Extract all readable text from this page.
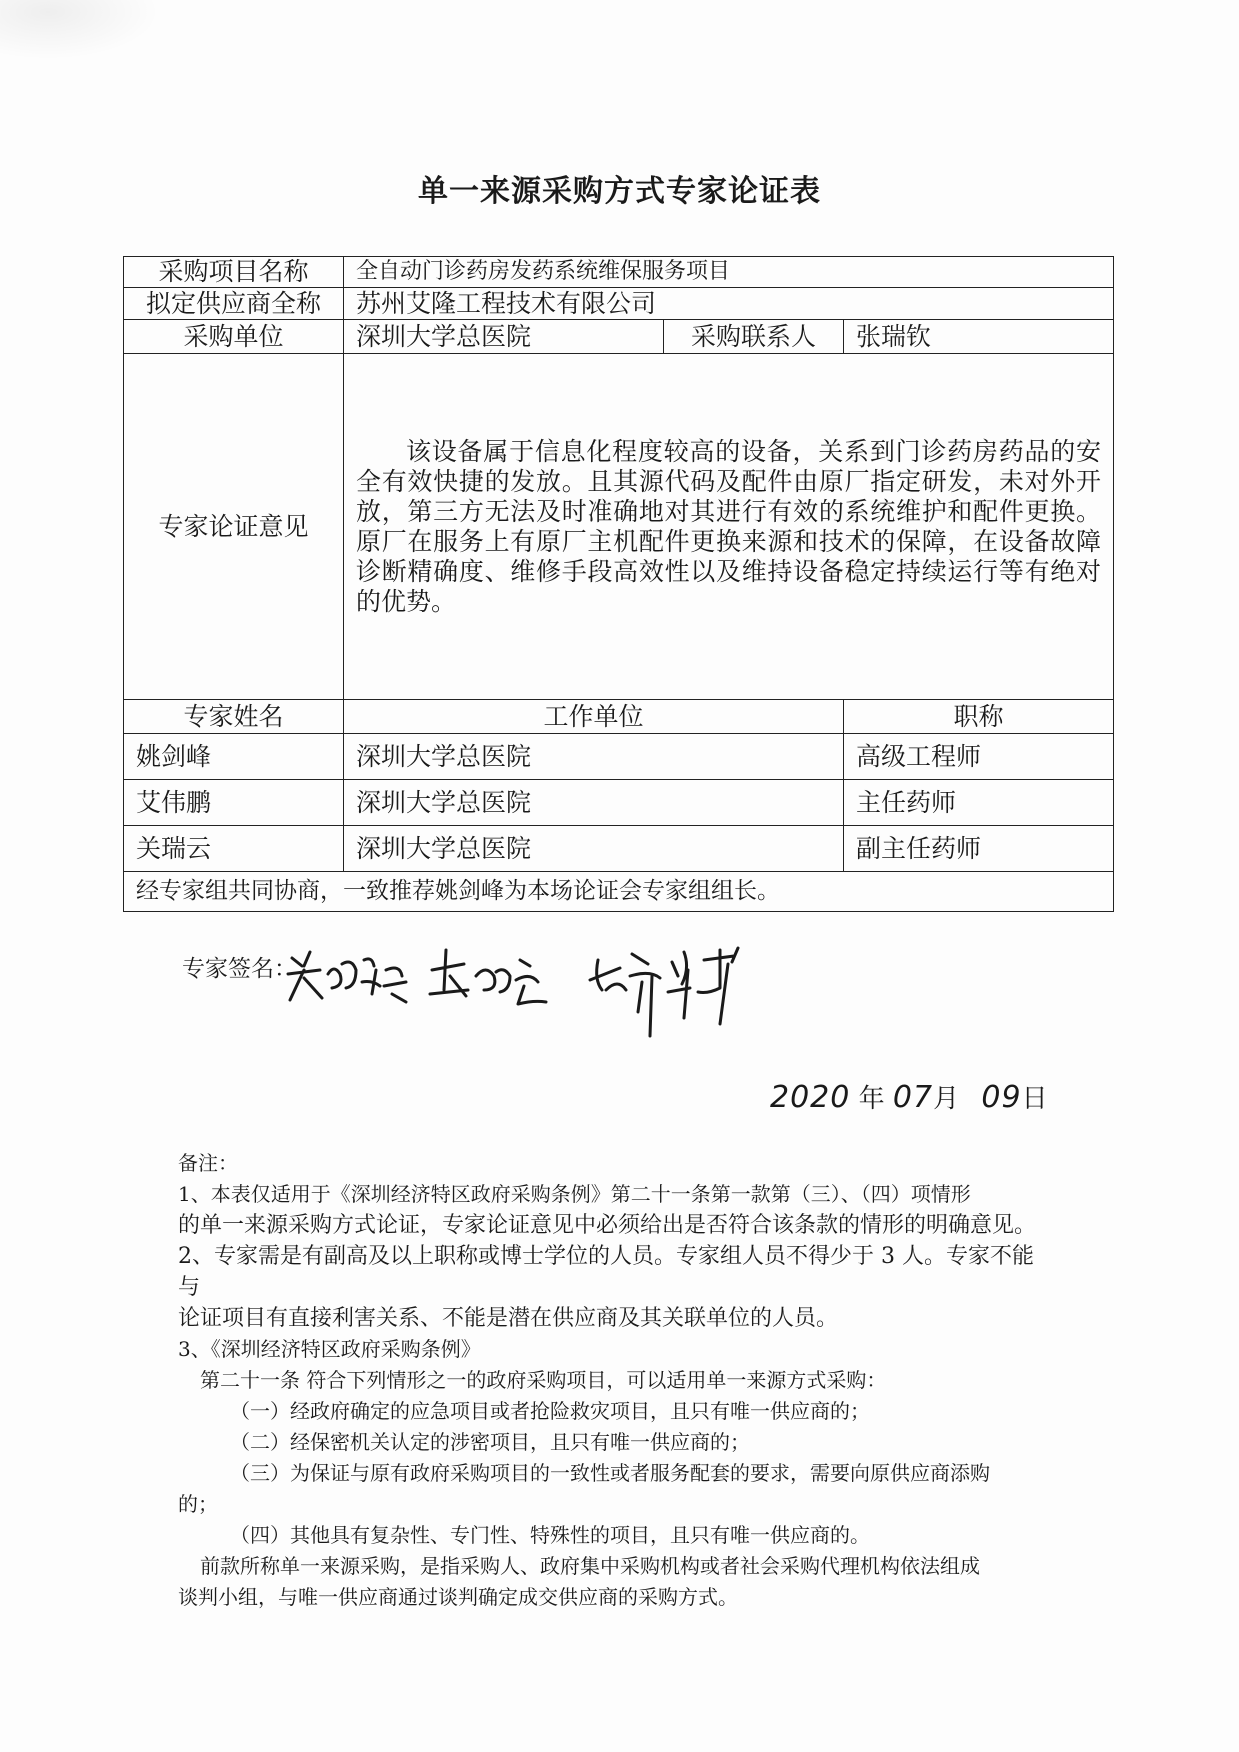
单一来源采购方式专家论证表
采购项目名称	全自动门诊药房发药系统维保服务项目		
拟定供应商全称	苏州艾隆工程技术有限公司		
采购单位	深圳大学总医院	采购联系人	张瑞钦
专家论证意见	该设备属于信息化程度较高的设备，关系到门诊药房药品的安全有效快捷的发放。且其源代码及配件由原厂指定研发，未对外开放，第三方无法及时准确地对其进行有效的系统维护和配件更换。原厂在服务上有原厂主机配件更换来源和技术的保障，在设备故障诊断精确度、维修手段高效性以及维持设备稳定持续运行等有绝对的优势。		
专家姓名	工作单位		职称
姚剑峰	深圳大学总医院		高级工程师
艾伟鹏	深圳大学总医院		主任药师
关瑞云	深圳大学总医院		副主任药师
经专家组共同协商，一致推荐姚剑峰为本场论证会专家组组长。			
专家签名：
2020 年 07月 09日

备注：

1、本表仅适用于《深圳经济特区政府采购条例》第二十一条第一款第（三）、（四）项情形

的单一来源采购方式论证，专家论证意见中必须给出是否符合该条款的情形的明确意见。

2、专家需是有副高及以上职称或博士学位的人员。专家组人员不得少于 3 人。专家不能与

论证项目有直接利害关系、不能是潜在供应商及其关联单位的人员。

3、《深圳经济特区政府采购条例》

第二十一条 符合下列情形之一的政府采购项目，可以适用单一来源方式采购：

（一）经政府确定的应急项目或者抢险救灾项目，且只有唯一供应商的；

（二）经保密机关认定的涉密项目，且只有唯一供应商的；

（三）为保证与原有政府采购项目的一致性或者服务配套的要求，需要向原供应商添购

的；

（四）其他具有复杂性、专门性、特殊性的项目，且只有唯一供应商的。

前款所称单一来源采购，是指采购人、政府集中采购机构或者社会采购代理机构依法组成

谈判小组，与唯一供应商通过谈判确定成交供应商的采购方式。
